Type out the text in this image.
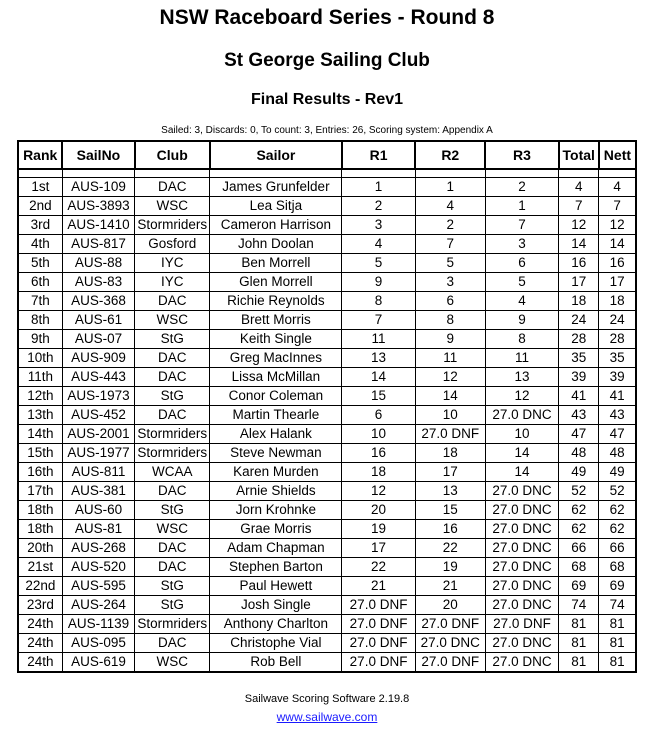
NSW Raceboard Series - Round 8
St George Sailing Club
Final Results - Rev1
Sailed: 3, Discards: 0, To count: 3, Entries: 26, Scoring system: Appendix A
Rank	SailNo	Club	Sailor	R1	R2	R3	Total	Nett

1st	AUS-109	DAC	James Grunfelder	1	1	2	4	4
2nd	AUS-3893	WSC	Lea Sitja	2	4	1	7	7
3rd	AUS-1410	Stormriders	Cameron Harrison	3	2	7	12	12
4th	AUS-817	Gosford	John Doolan	4	7	3	14	14
5th	AUS-88	IYC	Ben Morrell	5	5	6	16	16
6th	AUS-83	IYC	Glen Morrell	9	3	5	17	17
7th	AUS-368	DAC	Richie Reynolds	8	6	4	18	18
8th	AUS-61	WSC	Brett Morris	7	8	9	24	24
9th	AUS-07	StG	Keith Single	11	9	8	28	28
10th	AUS-909	DAC	Greg MacInnes	13	11	11	35	35
11th	AUS-443	DAC	Lissa McMillan	14	12	13	39	39
12th	AUS-1973	StG	Conor Coleman	15	14	12	41	41
13th	AUS-452	DAC	Martin Thearle	6	10	27.0 DNC	43	43
14th	AUS-2001	Stormriders	Alex Halank	10	27.0 DNF	10	47	47
15th	AUS-1977	Stormriders	Steve Newman	16	18	14	48	48
16th	AUS-811	WCAA	Karen Murden	18	17	14	49	49
17th	AUS-381	DAC	Arnie Shields	12	13	27.0 DNC	52	52
18th	AUS-60	StG	Jorn Krohnke	20	15	27.0 DNC	62	62
18th	AUS-81	WSC	Grae Morris	19	16	27.0 DNC	62	62
20th	AUS-268	DAC	Adam Chapman	17	22	27.0 DNC	66	66
21st	AUS-520	DAC	Stephen Barton	22	19	27.0 DNC	68	68
22nd	AUS-595	StG	Paul Hewett	21	21	27.0 DNC	69	69
23rd	AUS-264	StG	Josh Single	27.0 DNF	20	27.0 DNC	74	74
24th	AUS-1139	Stormriders	Anthony Charlton	27.0 DNF	27.0 DNF	27.0 DNF	81	81
24th	AUS-095	DAC	Christophe Vial	27.0 DNF	27.0 DNC	27.0 DNC	81	81
24th	AUS-619	WSC	Rob Bell	27.0 DNF	27.0 DNF	27.0 DNC	81	81
Sailwave Scoring Software 2.19.8
www.sailwave.com
